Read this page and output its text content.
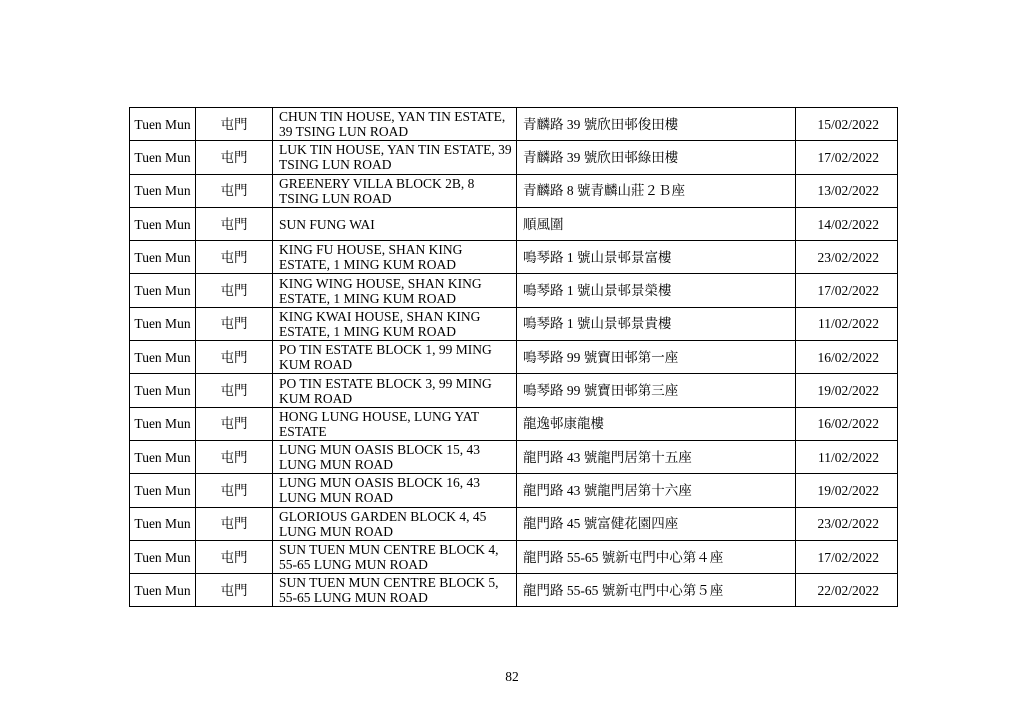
Tuen Mun	屯門	CHUN TIN HOUSE, YAN TIN ESTATE, 39 TSING LUN ROAD	青麟路 39 號欣田邨俊田樓	15/02/2022
Tuen Mun	屯門	LUK TIN HOUSE, YAN TIN ESTATE, 39 TSING LUN ROAD	青麟路 39 號欣田邨綠田樓	17/02/2022
Tuen Mun	屯門	GREENERY VILLA BLOCK 2B, 8 TSING LUN ROAD	青麟路 8 號青麟山莊２Ｂ座	13/02/2022
Tuen Mun	屯門	SUN FUNG WAI	順風圍	14/02/2022
Tuen Mun	屯門	KING FU HOUSE, SHAN KING ESTATE, 1 MING KUM ROAD	鳴琴路 1 號山景邨景富樓	23/02/2022
Tuen Mun	屯門	KING WING HOUSE, SHAN KING ESTATE, 1 MING KUM ROAD	鳴琴路 1 號山景邨景榮樓	17/02/2022
Tuen Mun	屯門	KING KWAI HOUSE, SHAN KING ESTATE, 1 MING KUM ROAD	鳴琴路 1 號山景邨景貴樓	11/02/2022
Tuen Mun	屯門	PO TIN ESTATE BLOCK 1, 99 MING KUM ROAD	鳴琴路 99 號寶田邨第一座	16/02/2022
Tuen Mun	屯門	PO TIN ESTATE BLOCK 3, 99 MING KUM ROAD	鳴琴路 99 號寶田邨第三座	19/02/2022
Tuen Mun	屯門	HONG LUNG HOUSE, LUNG YAT ESTATE	龍逸邨康龍樓	16/02/2022
Tuen Mun	屯門	LUNG MUN OASIS BLOCK 15, 43 LUNG MUN ROAD	龍門路 43 號龍門居第十五座	11/02/2022
Tuen Mun	屯門	LUNG MUN OASIS BLOCK 16, 43 LUNG MUN ROAD	龍門路 43 號龍門居第十六座	19/02/2022
Tuen Mun	屯門	GLORIOUS GARDEN BLOCK 4, 45 LUNG MUN ROAD	龍門路 45 號富健花園四座	23/02/2022
Tuen Mun	屯門	SUN TUEN MUN CENTRE BLOCK 4, 55-65 LUNG MUN ROAD	龍門路 55-65 號新屯門中心第４座	17/02/2022
Tuen Mun	屯門	SUN TUEN MUN CENTRE BLOCK 5, 55-65 LUNG MUN ROAD	龍門路 55-65 號新屯門中心第５座	22/02/2022
82
